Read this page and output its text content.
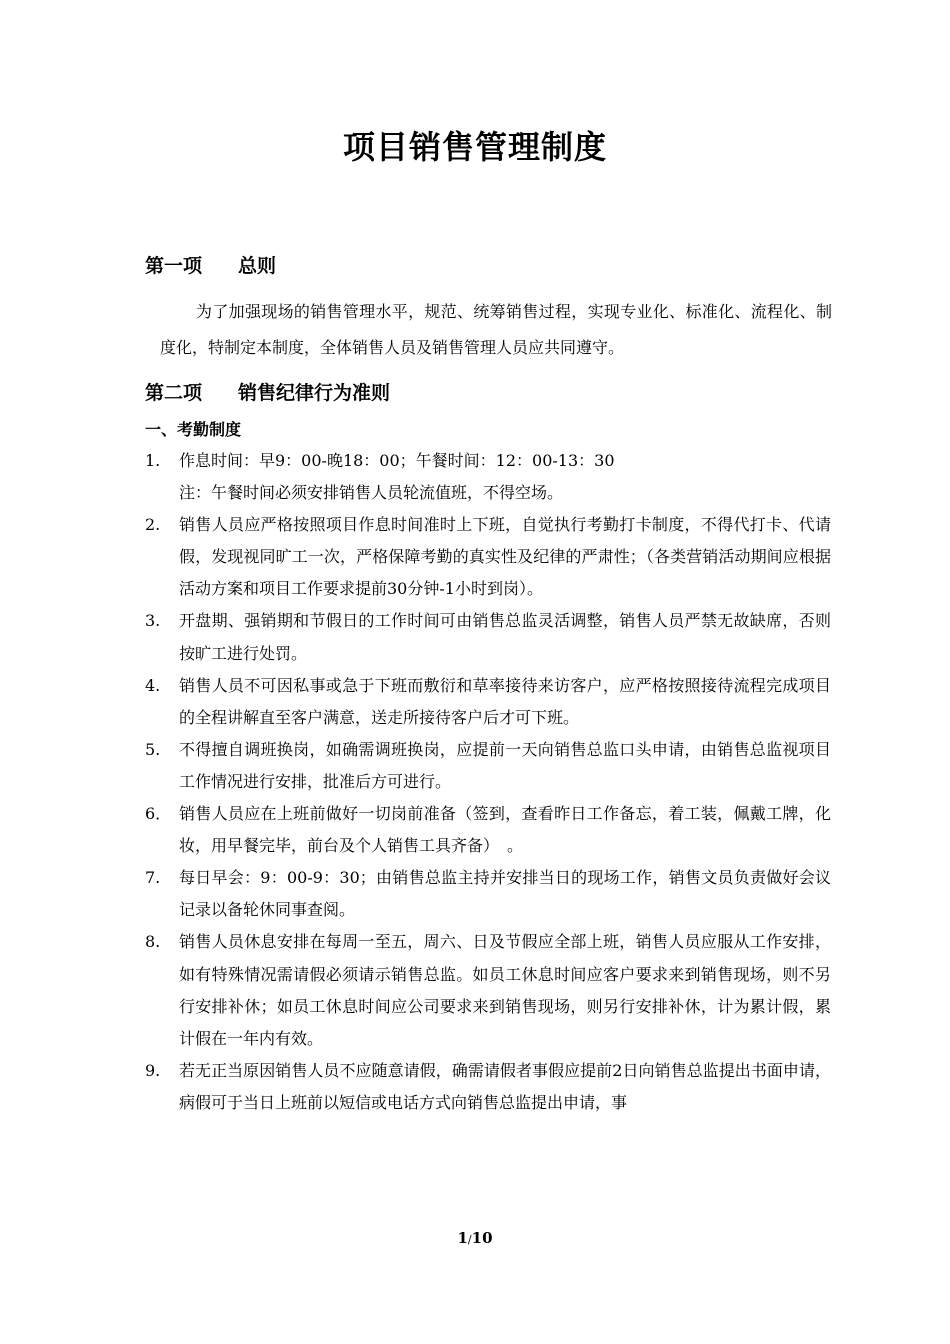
项目销售管理制度
第一项 总则

为了加强现场的销售管理水平，规范、统筹销售过程，实现专业化、标准化、流程化、制度化，特制定本制度，全体销售人员及销售管理人员应共同遵守。

第二项 销售纪律行为准则
一、考勤制度
1.	作息时间：早9：00-晚18：00；午餐时间：12：00-13：30
注：午餐时间必须安排销售人员轮流值班，不得空场。
2.	销售人员应严格按照项目作息时间准时上下班，自觉执行考勤打卡制度，不得代打卡、代请假，发现视同旷工一次，严格保障考勤的真实性及纪律的严肃性；（各类营销活动期间应根据活动方案和项目工作要求提前30分钟-1小时到岗）。
3.	开盘期、强销期和节假日的工作时间可由销售总监灵活调整，销售人员严禁无故缺席，否则按旷工进行处罚。
4.	销售人员不可因私事或急于下班而敷衍和草率接待来访客户，应严格按照接待流程完成项目的全程讲解直至客户满意，送走所接待客户后才可下班。
5.	不得擅自调班换岗，如确需调班换岗，应提前一天向销售总监口头申请，由销售总监视项目工作情况进行安排，批准后方可进行。
6． 销售人员应在上班前做好一切岗前准备（签到，查看昨日工作备忘，着工装，佩戴工牌，化妆，用早餐完毕，前台及个人销售工具齐备）　。
7.	每日早会：9：00-9：30；由销售总监主持并安排当日的现场工作，销售文员负责做好会议记录以备轮休同事查阅。
8.	销售人员休息安排在每周一至五，周六、日及节假应全部上班，销售人员应服从工作安排，如有特殊情况需请假必须请示销售总监。如员工休息时间应客户要求来到销售现场，则不另行安排补休；如员工休息时间应公司要求来到销售现场，则另行安排补休，计为累计假，累计假在一年内有效。
9.	若无正当原因销售人员不应随意请假，确需请假者事假应提前2日向销售总监提出书面申请，病假可于当日上班前以短信或电话方式向销售总监提出申请，事
1/10
